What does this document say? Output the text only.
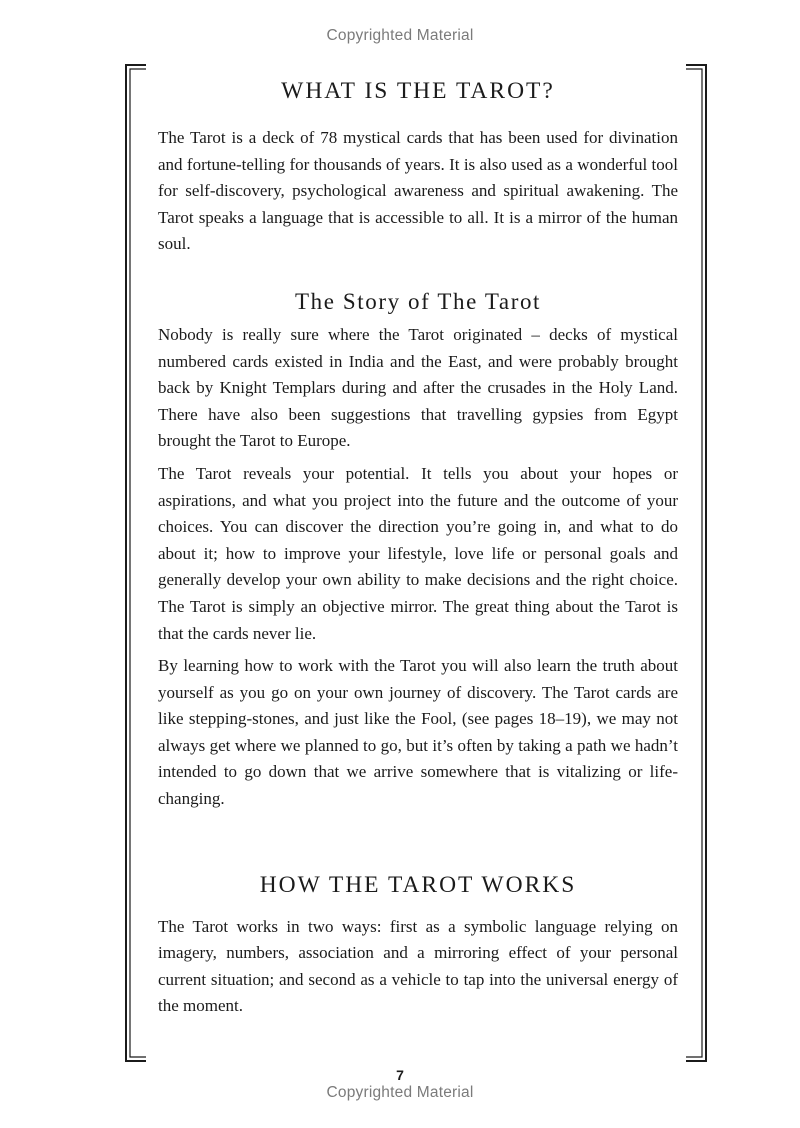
Copyrighted Material
WHAT IS THE TAROT?

The Tarot is a deck of 78 mystical cards that has been used for divination and fortune-telling for thousands of years. It is also used as a wonderful tool for self-discovery, psychological awareness and spiritual awakening. The Tarot speaks a language that is accessible to all. It is a mirror of the human soul.

The Story of The Tarot

Nobody is really sure where the Tarot originated – decks of mystical numbered cards existed in India and the East, and were probably brought back by Knight Templars during and after the crusades in the Holy Land. There have also been suggestions that travelling gypsies from Egypt brought the Tarot to Europe.

The Tarot reveals your potential. It tells you about your hopes or aspirations, and what you project into the future and the outcome of your choices. You can discover the direction you’re going in, and what to do about it; how to improve your lifestyle, love life or personal goals and generally develop your own ability to make decisions and the right choice. The Tarot is simply an objective mirror. The great thing about the Tarot is that the cards never lie.

By learning how to work with the Tarot you will also learn the truth about yourself as you go on your own journey of discovery. The Tarot cards are like stepping-stones, and just like the Fool, (see pages 18–19), we may not always get where we planned to go, but it’s often by taking a path we hadn’t intended to go down that we arrive somewhere that is vitalizing or life-changing.

HOW THE TAROT WORKS

The Tarot works in two ways: first as a symbolic language relying on imagery, numbers, association and a mirroring effect of your personal current situation; and second as a vehicle to tap into the universal energy of the moment.

7
Copyrighted Material
